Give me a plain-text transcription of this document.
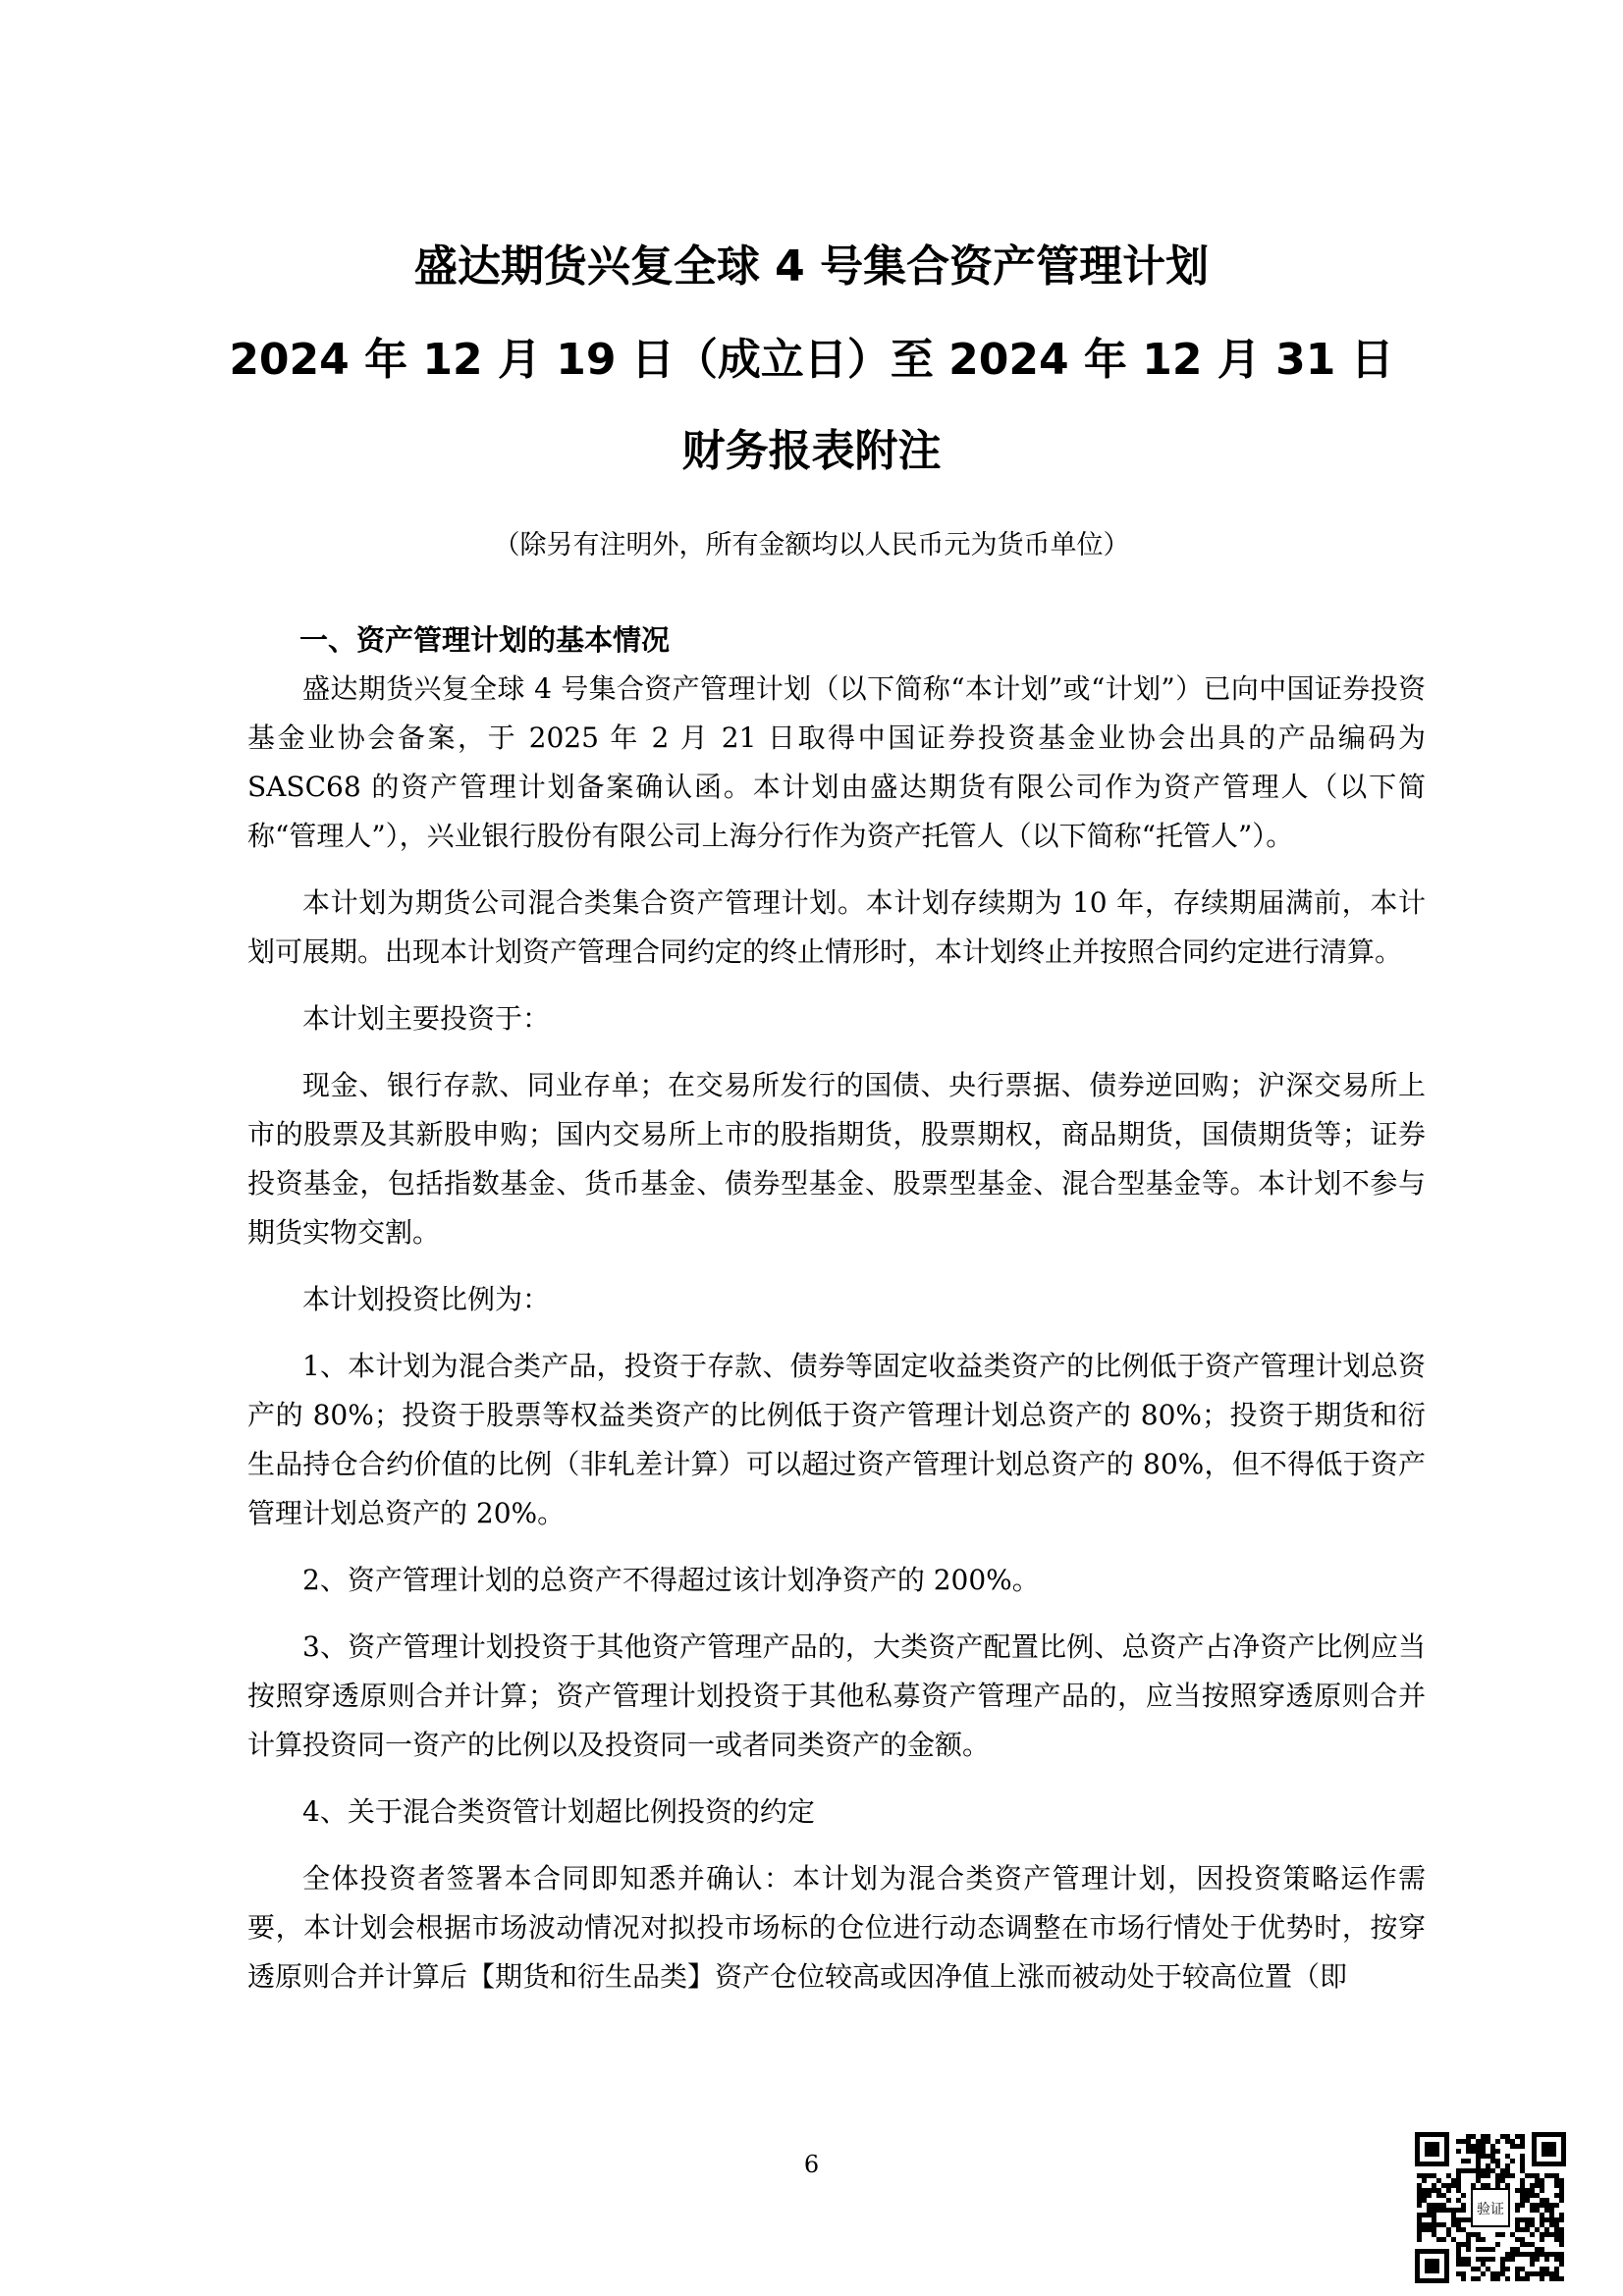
盛达期货兴复全球 4 号集合资产管理计划
2024 年 12 月 19 日（成立日）至 2024 年 12 月 31 日
财务报表附注
（除另有注明外，所有金额均以人民币元为货币单位）
一、资产管理计划的基本情况

盛达期货兴复全球 4 号集合资产管理计划（以下简称“本计划”或“计划”）已向中国证券投资基金业协会备案，于 2025 年 2 月 21 日取得中国证券投资基金业协会出具的产品编码为 SASC68 的资产管理计划备案确认函。本计划由盛达期货有限公司作为资产管理人（以下简称“管理人”），兴业银行股份有限公司上海分行作为资产托管人（以下简称“托管人”）。

本计划为期货公司混合类集合资产管理计划。本计划存续期为 10 年，存续期届满前，本计划可展期。出现本计划资产管理合同约定的终止情形时，本计划终止并按照合同约定进行清算。

本计划主要投资于：

现金、银行存款、同业存单；在交易所发行的国债、央行票据、债券逆回购；沪深交易所上市的股票及其新股申购；国内交易所上市的股指期货，股票期权，商品期货，国债期货等；证券投资基金，包括指数基金、货币基金、债券型基金、股票型基金、混合型基金等。本计划不参与期货实物交割。

本计划投资比例为：

1、本计划为混合类产品，投资于存款、债券等固定收益类资产的比例低于资产管理计划总资产的 80%；投资于股票等权益类资产的比例低于资产管理计划总资产的 80%；投资于期货和衍生品持仓合约价值的比例（非轧差计算）可以超过资产管理计划总资产的 80%，但不得低于资产管理计划总资产的 20%。

2、资产管理计划的总资产不得超过该计划净资产的 200%。

3、资产管理计划投资于其他资产管理产品的，大类资产配置比例、总资产占净资产比例应当按照穿透原则合并计算；资产管理计划投资于其他私募资产管理产品的，应当按照穿透原则合并计算投资同一资产的比例以及投资同一或者同类资产的金额。

4、关于混合类资管计划超比例投资的约定

全体投资者签署本合同即知悉并确认：本计划为混合类资产管理计划，因投资策略运作需要，本计划会根据市场波动情况对拟投市场标的仓位进行动态调整在市场行情处于优势时，按穿透原则合并计算后【期货和衍生品类】资产仓位较高或因净值上涨而被动处于较高位置（即

6
验证
